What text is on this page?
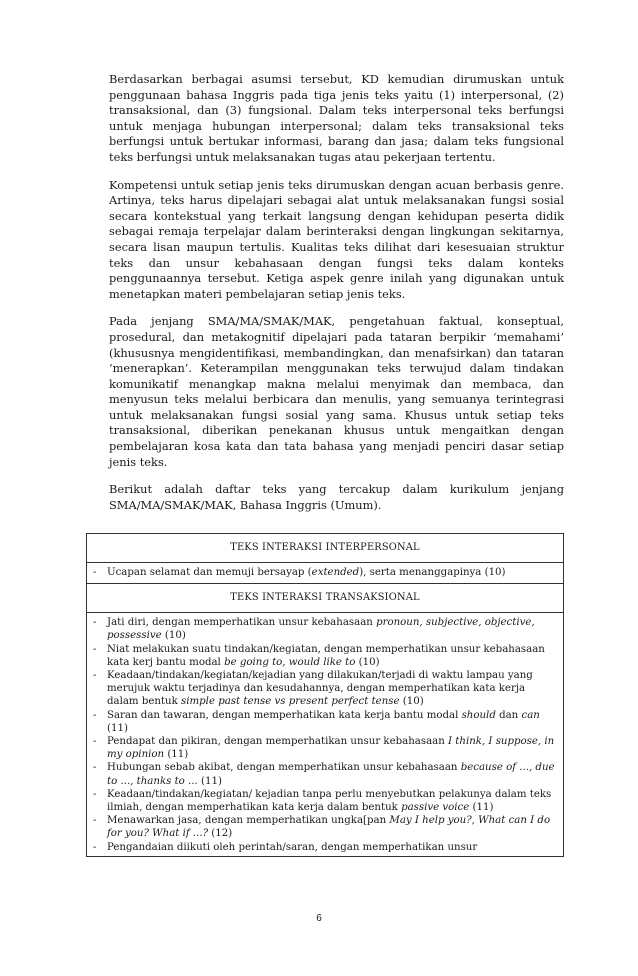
Berdasarkan berbagai asumsi tersebut, KD kemudian dirumuskan untuk penggunaan bahasa Inggris pada tiga jenis teks yaitu (1) interpersonal, (2) transaksional, dan (3) fungsional. Dalam teks interpersonal teks berfungsi untuk menjaga hubungan interpersonal; dalam teks transaksional teks berfungsi untuk bertukar informasi, barang dan jasa; dalam teks fungsional teks berfungsi untuk melaksanakan tugas atau pekerjaan tertentu.

Kompetensi untuk setiap jenis teks dirumuskan dengan acuan berbasis genre. Artinya, teks harus dipelajari sebagai alat untuk melaksanakan fungsi sosial secara kontekstual yang terkait langsung dengan kehidupan peserta didik sebagai remaja terpelajar dalam berinteraksi dengan lingkungan sekitarnya, secara lisan maupun tertulis. Kualitas teks dilihat dari kesesuaian struktur teks dan unsur kebahasaan dengan fungsi teks dalam konteks penggunaannya tersebut. Ketiga aspek genre inilah yang digunakan untuk menetapkan materi pembelajaran setiap jenis teks.

Pada jenjang SMA/MA/SMAK/MAK, pengetahuan faktual, konseptual, prosedural, dan metakognitif dipelajari pada tataran berpikir ‘memahami’ (khususnya mengidentifikasi, membandingkan, dan menafsirkan) dan tataran ‘menerapkan’. Keterampilan menggunakan teks terwujud dalam tindakan komunikatif menangkap makna melalui menyimak dan membaca, dan menyusun teks melalui berbicara dan menulis, yang semuanya terintegrasi untuk melaksanakan fungsi sosial yang sama. Khusus untuk setiap teks transaksional, diberikan penekanan khusus untuk mengaitkan dengan pembelajaran kosa kata dan tata bahasa yang menjadi penciri dasar setiap jenis teks.

Berikut adalah daftar teks yang tercakup dalam kurikulum jenjang SMA/MA/SMAK/MAK, Bahasa Inggris (Umum).

TEKS INTERAKSI INTERPERSONAL
- Ucapan selamat dan memuji bersayap (extended), serta menanggapinya (10)
TEKS INTERAKSI TRANSAKSIONAL
- Jati diri, dengan memperhatikan unsur kebahasaan pronoun, subjective, objective, possessive (10)
- Niat melakukan suatu tindakan/kegiatan, dengan memperhatikan unsur kebahasaan kata kerj bantu modal be going to, would like to (10)
- Keadaan/tindakan/kegiatan/kejadian yang dilakukan/terjadi di waktu lampau yang merujuk waktu terjadinya dan kesudahannya, dengan memperhatikan kata kerja dalam bentuk simple past tense vs present perfect tense (10)
- Saran dan tawaran, dengan memperhatikan kata kerja bantu modal should dan can (11)
- Pendapat dan pikiran, dengan memperhatikan unsur kebahasaan I think, I suppose, in my opinion (11)
- Hubungan sebab akibat, dengan memperhatikan unsur kebahasaan because of ..., due to ..., thanks to ... (11)
- Keadaan/tindakan/kegiatan/ kejadian tanpa perlu menyebutkan pelakunya dalam teks ilmiah, dengan memperhatikan kata kerja dalam bentuk passive voice (11)
- Menawarkan jasa, dengan memperhatikan ungka[pan May I help you?, What can I do for you? What if ...? (12)
- Pengandaian diikuti oleh perintah/saran, dengan memperhatikan unsur
6
